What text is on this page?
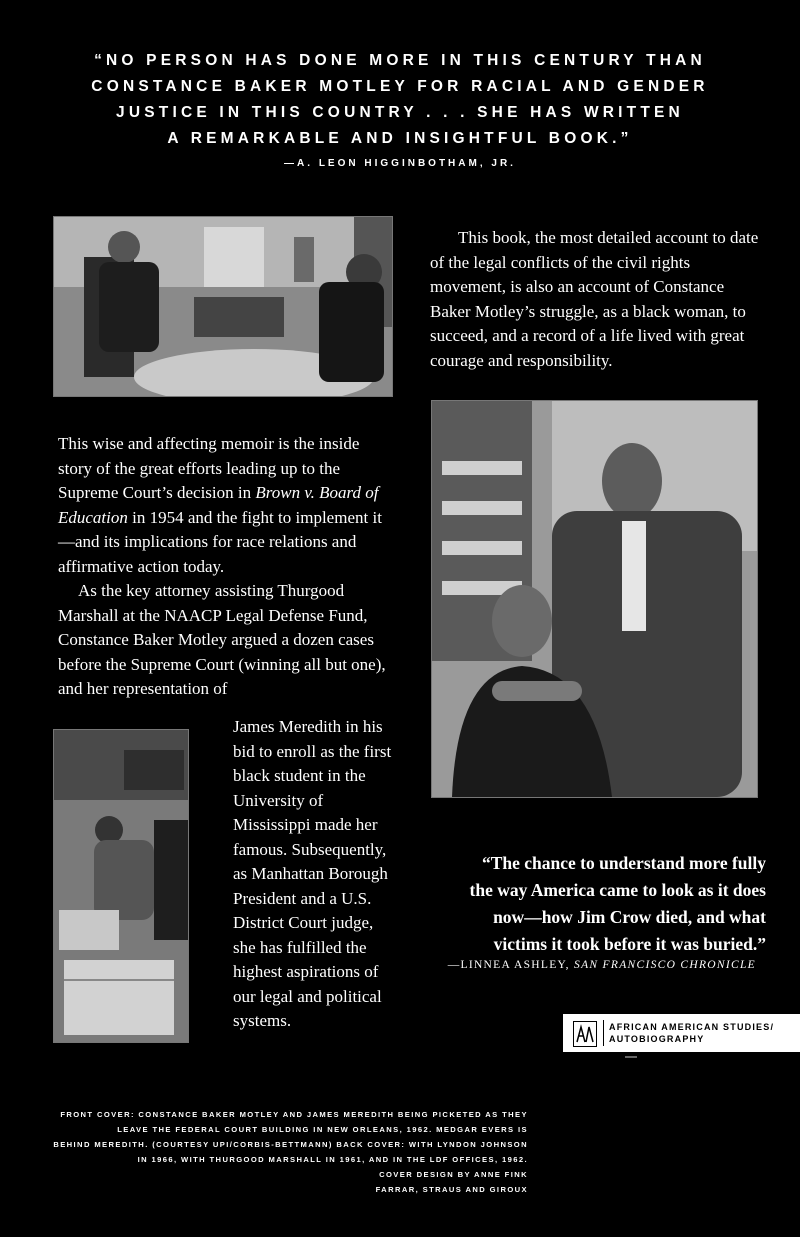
“NO PERSON HAS DONE MORE IN THIS CENTURY THAN
CONSTANCE BAKER MOTLEY FOR RACIAL AND GENDER
JUSTICE IN THIS COUNTRY . . . SHE HAS WRITTEN
A REMARKABLE AND INSIGHTFUL BOOK.”
—A. LEON HIGGINBOTHAM, JR.
This book, the most detailed account to date of the legal conflicts of the civil rights movement, is also an account of Constance Baker Motley’s struggle, as a black woman, to succeed, and a record of a life lived with great courage and responsibility.

This wise and affecting memoir is the inside story of the great efforts leading up to the Supreme Court’s decision in Brown v. Board of Education in 1954 and the fight to implement it—and its implications for race relations and affirmative action today.

As the key attorney assisting Thurgood Marshall at the NAACP Legal Defense Fund, Constance Baker Motley argued a dozen cases before the Supreme Court (winning all but one), and her representation of

James Meredith in his bid to enroll as the first black student in the University of Mississippi made her famous. Subsequently, as Manhattan Borough President and a U.S. District Court judge, she has fulfilled the highest aspirations of our legal and political systems.
“The chance to understand more fully
the way America came to look as it does
now—how Jim Crow died, and what
victims it took before it was buried.”
—LINNEA ASHLEY, SAN FRANCISCO CHRONICLE
AFRICAN AMERICAN STUDIES/
AUTOBIOGRAPHY
FRONT COVER: CONSTANCE BAKER MOTLEY AND JAMES MEREDITH BEING PICKETED AS THEY
LEAVE THE FEDERAL COURT BUILDING IN NEW ORLEANS, 1962. MEDGAR EVERS IS
BEHIND MEREDITH. (COURTESY UPI/CORBIS-BETTMANN) BACK COVER: WITH LYNDON JOHNSON
IN 1966, WITH THURGOOD MARSHALL IN 1961, AND IN THE LDF OFFICES, 1962.
COVER DESIGN BY ANNE FINK
FARRAR, STRAUS AND GIROUX
